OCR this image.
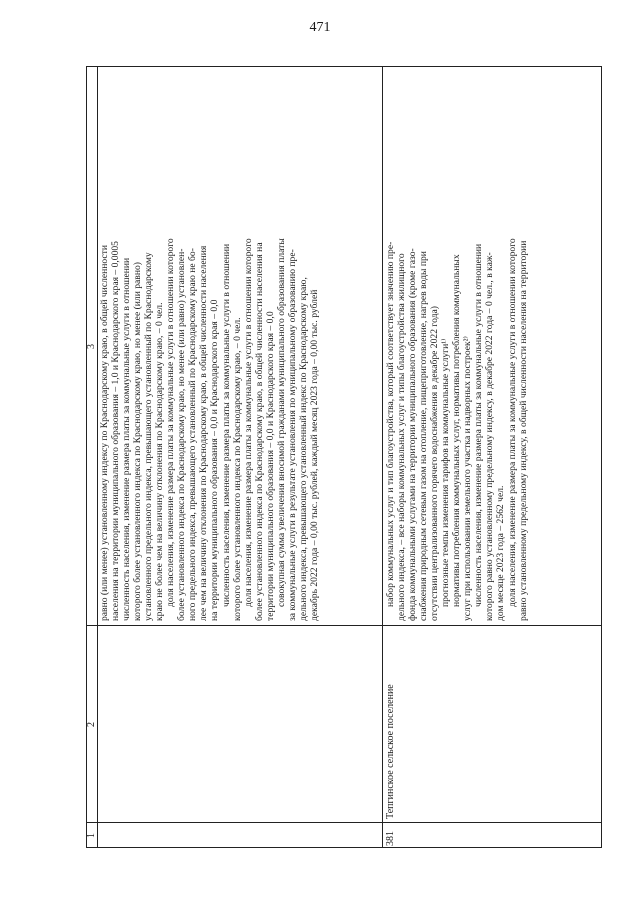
471
1
2
3 равно (или менее) установленному индексу по Краснодарскому краю, в общей численности населения на территории муниципального образования – 1,0 и Краснодарского края – 0,0005 численность населения, изменение размера платы за коммунальные услуги в отношении которого более установленного индекса по Краснодарскому краю, но менее (или равно) установленного предельного индекса, превышающего установленный по Краснодарскому краю не более чем на величину отклонения по Краснодарскому краю, – 0 чел. доля населения, изменение размера платы за коммунальные услуги в отношении которого более установленного индекса по Краснодарскому краю, но менее (или равно) установлен- ного предельного индекса, превышающего установленный по Краснодарскому краю не бо- лее чем на величину отклонения по Краснодарскому краю, в общей численности населения на территории муниципального образования – 0,0 и Краснодарского края – 0,0 численность населения, изменение размера платы за коммунальные услуги в отношении которого более установленного индекса по Краснодарскому краю, – 0 чел. доля населения, изменение размера платы за коммунальные услуги в отношении которого более установленного индекса по Краснодарскому краю, в общей численности населения на территории муниципального образования – 0,0 и Краснодарского края – 0,0 совокупная сумма увеличения вносимой гражданами муниципального образования платы за коммунальные услуги в результате установления по муниципальному образованию пре- дельного индекса, превышающего установленный индекс по Краснодарскому краю, декабрь 2022 года – 0,00 тыс. рублей, каждый месяц 2023 года – 0,00 тыс. рублей
381
Тепгинское сельское поселение
набор коммунальных услуг и тип благоустройства, который соответствует значению пре- дельного индекса, – все наборы коммунальных услуг и типы благоустройства жилищного фонда коммунальными услугами на территории муниципального образования (кроме газо- снабжения природным сетевым газом на отопление, пищеприготовление, нагрев воды при отсутствии централизованного горячего водоснабжения в декабре 2022 года) прогнозные темпы изменения тарифов на коммунальные услуги¹⁾ нормативы потребления коммунальных услуг, нормативы потребления коммунальных услуг при использовании земельного участка и надворных построек²⁾ численность населения, изменение размера платы за коммунальные услуги в отношении которого равно установленному предельному индексу, в декабре 2022 года – 0 чел., в каж- дом месяце 2023 года – 2562 чел. доля населения, изменение размера платы за коммунальные услуги в отношении которого равно установленному предельному индексу, в общей численности населения на территории
